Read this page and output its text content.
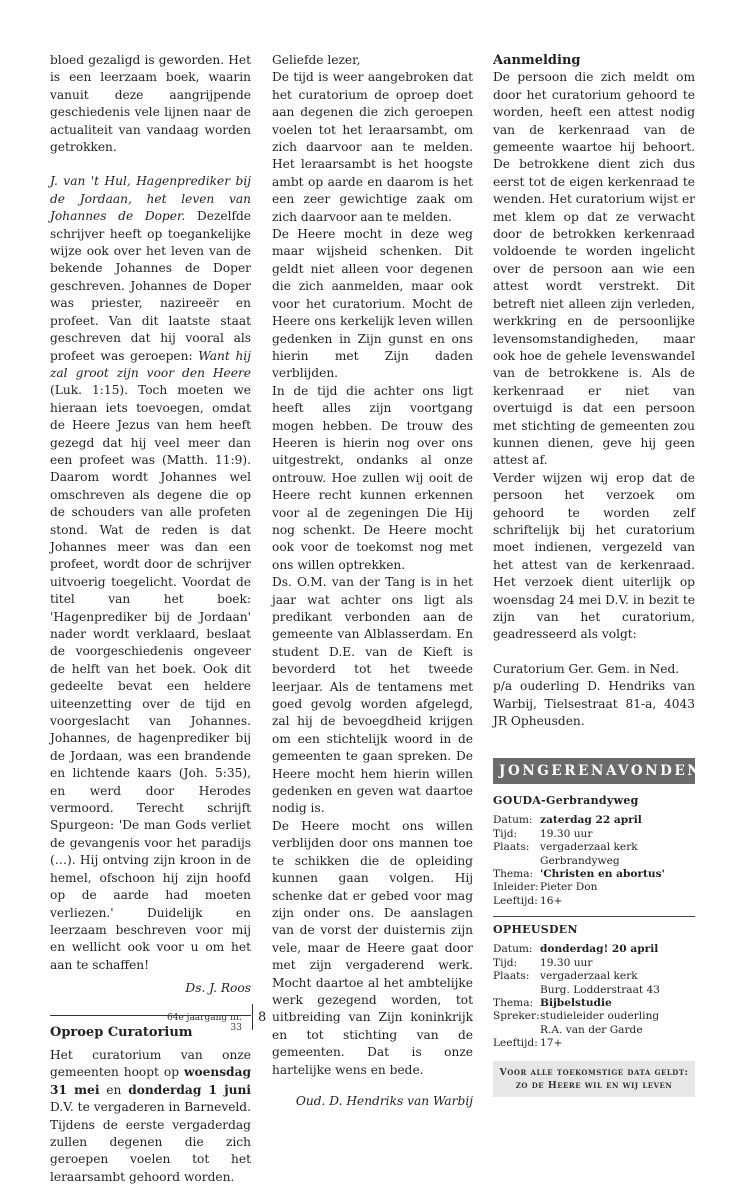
bloed gezaligd is geworden. Het is een leerzaam boek, waarin vanuit deze aangrijpende geschiedenis vele lijnen naar de actualiteit van vandaag worden getrokken.

J. van 't Hul, Hagenprediker bij de Jordaan, het leven van Johannes de Doper. Dezelfde schrijver heeft op toegankelijke wijze ook over het leven van de bekende Johannes de Doper geschreven. Johannes de Doper was priester, nazireeër en profeet. Van dit laatste staat geschreven dat hij vooral als profeet was geroepen: Want hij zal groot zijn voor den Heere (Luk. 1:15). Toch moeten we hieraan iets toevoegen, omdat de Heere Jezus van hem heeft gezegd dat hij veel meer dan een profeet was (Matth. 11:9). Daarom wordt Johannes wel omschreven als degene die op de schouders van alle profeten stond. Wat de reden is dat Johannes meer was dan een profeet, wordt door de schrijver uitvoerig toegelicht. Voordat de titel van het boek: 'Hagenprediker bij de Jordaan' nader wordt verklaard, beslaat de voorgeschiedenis ongeveer de helft van het boek. Ook dit gedeelte bevat een heldere uiteenzetting over de tijd en voorgeslacht van Johannes. Johannes, de hagenprediker bij de Jordaan, was een brandende en lichtende kaars (Joh. 5:35), en werd door Herodes vermoord. Terecht schrijft Spurgeon: 'De man Gods verliet de gevangenis voor het paradijs (…). Hij ontving zijn kroon in de hemel, ofschoon hij zijn hoofd op de aarde had moeten verliezen.' Duidelijk en leerzaam beschreven voor mij en wellicht ook voor u om het aan te schaffen!

Ds. J. Roos

Oproep Curatorium

Het curatorium van onze gemeenten hoopt op woensdag 31 mei en donderdag 1 juni D.V. te vergaderen in Barneveld. Tijdens de eerste vergaderdag zullen degenen die zich geroepen voelen tot het leraarsambt gehoord worden.

Geliefde lezer,

De tijd is weer aangebroken dat het curatorium de oproep doet aan degenen die zich geroepen voelen tot het leraarsambt, om zich daarvoor aan te melden. Het leraarsambt is het hoogste ambt op aarde en daarom is het een zeer gewichtige zaak om zich daarvoor aan te melden.

De Heere mocht in deze weg maar wijsheid schenken. Dit geldt niet alleen voor degenen die zich aanmelden, maar ook voor het curatorium. Mocht de Heere ons kerkelijk leven willen gedenken in Zijn gunst en ons hierin met Zijn daden verblijden.

In de tijd die achter ons ligt heeft alles zijn voortgang mogen hebben. De trouw des Heeren is hierin nog over ons uitgestrekt, ondanks al onze ontrouw. Hoe zullen wij ooit de Heere recht kunnen erkennen voor al de zegeningen Die Hij nog schenkt. De Heere mocht ook voor de toekomst nog met ons willen optrekken.

Ds. O.M. van der Tang is in het jaar wat achter ons ligt als predikant verbonden aan de gemeente van Alblasserdam. En student D.E. van de Kieft is bevorderd tot het tweede leerjaar. Als de tentamens met goed gevolg worden afgelegd, zal hij de bevoegdheid krijgen om een stichtelijk woord in de gemeenten te gaan spreken. De Heere mocht hem hierin willen gedenken en geven wat daartoe nodig is.

De Heere mocht ons willen verblijden door ons mannen toe te schikken die de opleiding kunnen gaan volgen. Hij schenke dat er gebed voor mag zijn onder ons. De aanslagen van de vorst der duisternis zijn vele, maar de Heere gaat door met zijn vergaderend werk. Mocht daartoe al het ambtelijke werk gezegend worden, tot uitbreiding van Zijn koninkrijk en tot stichting van de gemeenten. Dat is onze hartelijke wens en bede.

Oud. D. Hendriks van Warbij

Aanmelding

De persoon die zich meldt om door het curatorium gehoord te worden, heeft een attest nodig van de kerkenraad van de gemeente waartoe hij behoort. De betrokkene dient zich dus eerst tot de eigen kerkenraad te wenden. Het curatorium wijst er met klem op dat ze verwacht door de betrokken kerkenraad voldoende te worden ingelicht over de persoon aan wie een attest wordt verstrekt. Dit betreft niet alleen zijn verleden, werkkring en de persoonlijke levensomstandigheden, maar ook hoe de gehele levenswandel van de betrokkene is. Als de kerkenraad er niet van overtuigd is dat een persoon met stichting de gemeenten zou kunnen dienen, geve hij geen attest af.

Verder wijzen wij erop dat de persoon het verzoek om gehoord te worden zelf schriftelijk bij het curatorium moet indienen, vergezeld van het attest van de kerkenraad. Het verzoek dient uiterlijk op woensdag 24 mei D.V. in bezit te zijn van het curatorium, geadresseerd als volgt:

Curatorium Ger. Gem. in Ned.

p/a ouderling D. Hendriks van Warbij, Tielsestraat 81-a, 4043 JR Opheusden.

JONGERENAVONDEN
GOUDA-Gerbrandyweg
Datum: zaterdag 22 april
Tijd:	19.30 uur
Plaats: vergaderzaal kerk
Gerbrandyweg
Thema: 'Christen en abortus'
Inleider: Pieter Don
Leeftijd: 16+
OPHEUSDEN
Datum: donderdag! 20 april
Tijd:	19.30 uur
Plaats: vergaderzaal kerk
Burg. Lodderstraat 43
Thema: Bijbelstudie
Spreker: studieleider ouderling
R.A. van der Garde
Leeftijd: 17+
Voor alle toekomstige data geldt:
zo de Heere wil en wij leven
64e jaargang nr. 33
8
